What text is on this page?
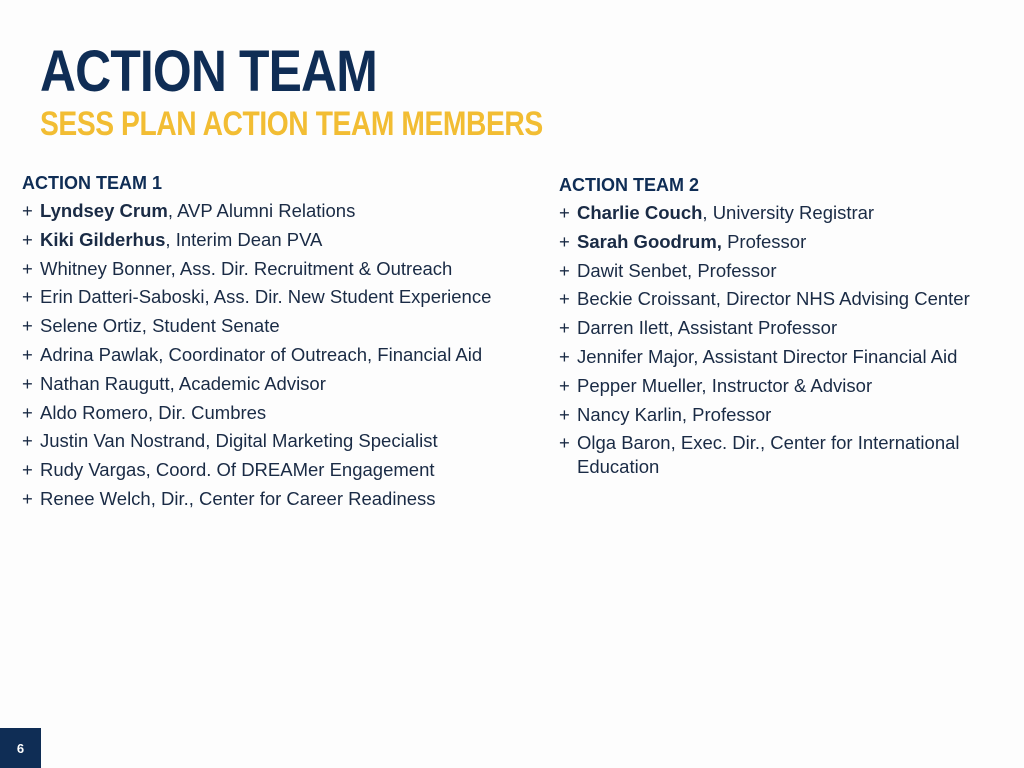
ACTION TEAM
SESS PLAN ACTION TEAM MEMBERS
ACTION TEAM 1
+ Lyndsey Crum, AVP Alumni Relations
+ Kiki Gilderhus, Interim Dean PVA
+ Whitney Bonner, Ass. Dir. Recruitment & Outreach
+ Erin Datteri-Saboski, Ass. Dir. New Student Experience
+ Selene Ortiz, Student Senate
+ Adrina Pawlak, Coordinator of Outreach, Financial Aid
+ Nathan Raugutt, Academic Advisor
+ Aldo Romero, Dir. Cumbres
+ Justin Van Nostrand, Digital Marketing Specialist
+ Rudy Vargas, Coord. Of DREAMer Engagement
+ Renee Welch, Dir., Center for Career Readiness
ACTION TEAM 2
+ Charlie Couch, University Registrar
+ Sarah Goodrum, Professor
+ Dawit Senbet, Professor
+ Beckie Croissant, Director NHS Advising Center
+ Darren Ilett, Assistant Professor
+ Jennifer Major, Assistant Director Financial Aid
+ Pepper Mueller, Instructor & Advisor
+ Nancy Karlin, Professor
+ Olga Baron, Exec. Dir., Center for International Education
6
